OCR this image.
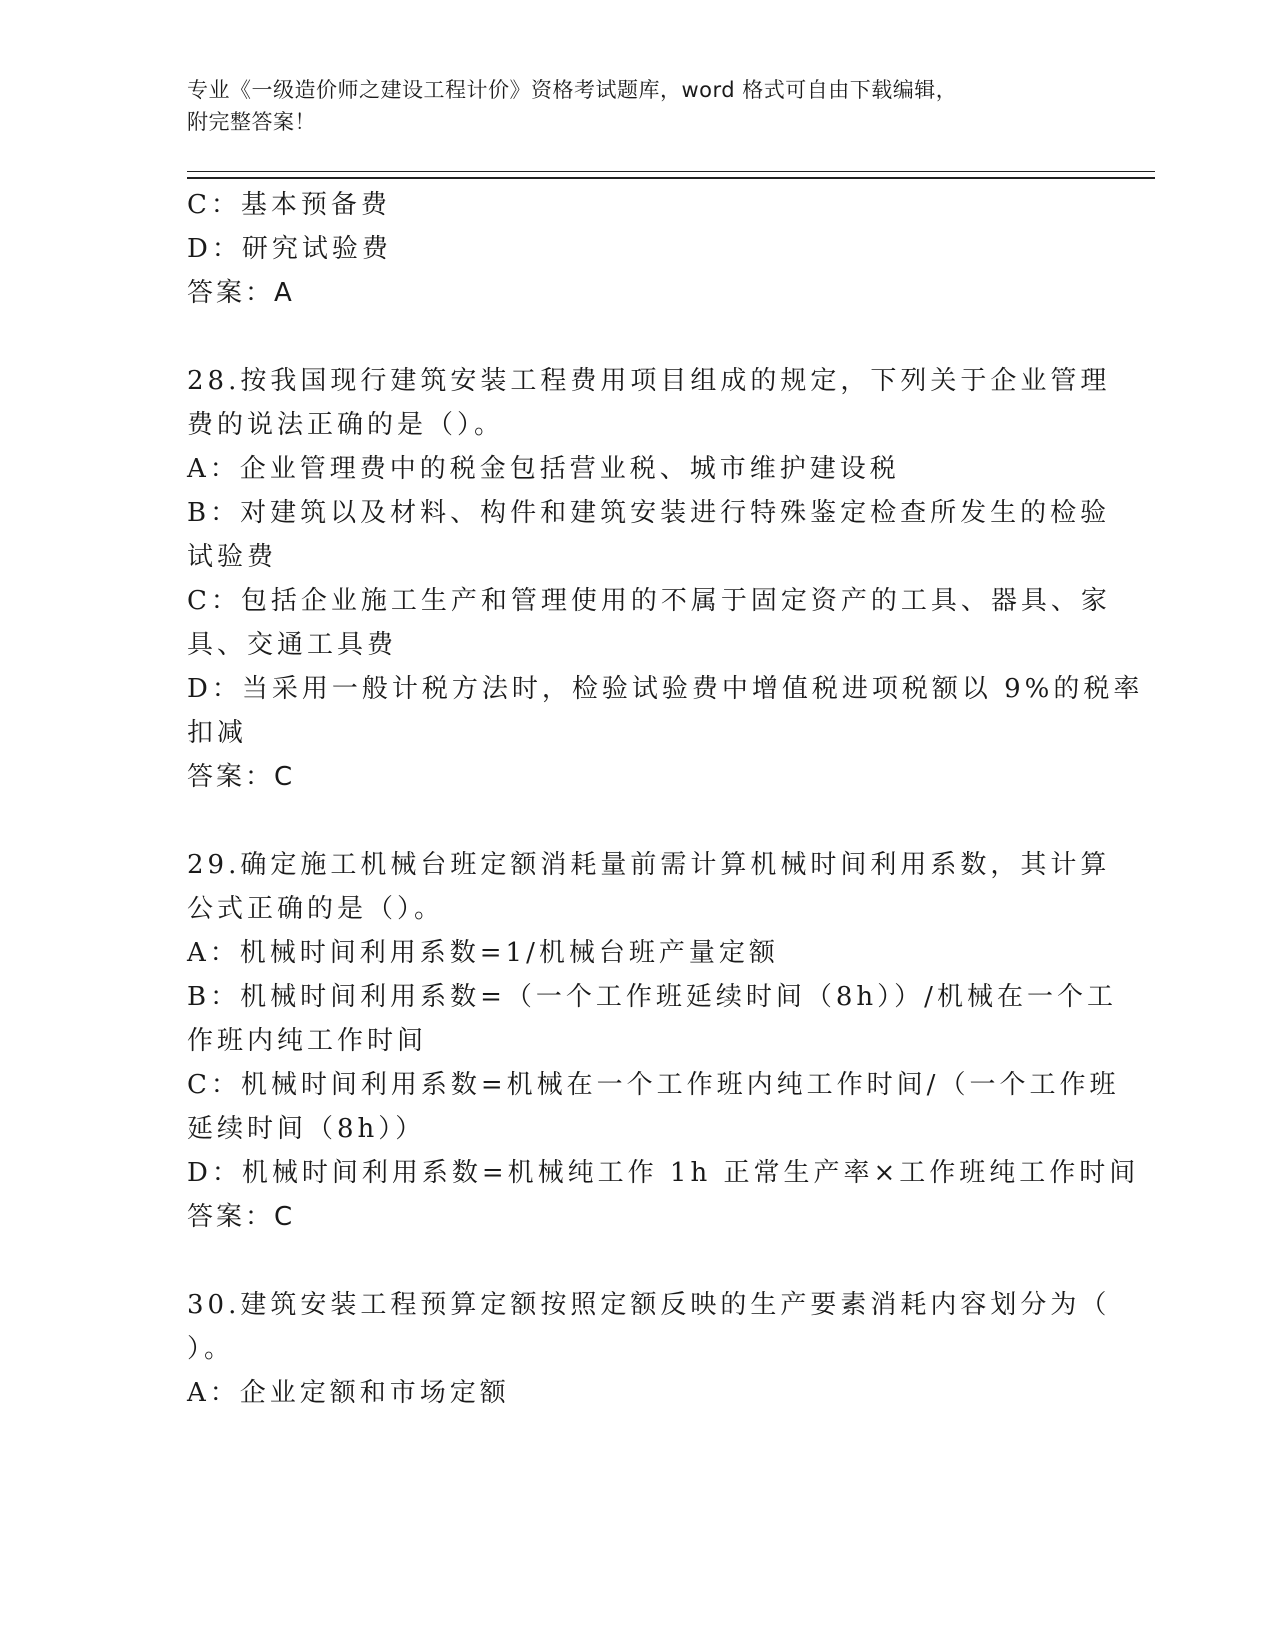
专业《一级造价师之建设工程计价》资格考试题库，word 格式可自由下载编辑，
附完整答案！
C：基本预备费
D：研究试验费
答案：A
28.按我国现行建筑安装工程费用项目组成的规定，下列关于企业管理
费的说法正确的是（）。
A：企业管理费中的税金包括营业税、城市维护建设税
B：对建筑以及材料、构件和建筑安装进行特殊鉴定检查所发生的检验
试验费
C：包括企业施工生产和管理使用的不属于固定资产的工具、器具、家
具、交通工具费
D：当采用一般计税方法时，检验试验费中增值税进项税额以 9%的税率
扣减
答案：C
29.确定施工机械台班定额消耗量前需计算机械时间利用系数，其计算
公式正确的是（）。
A：机械时间利用系数=1/机械台班产量定额
B：机械时间利用系数=（一个工作班延续时间（8h））/机械在一个工
作班内纯工作时间
C：机械时间利用系数=机械在一个工作班内纯工作时间/（一个工作班
延续时间（8h））
D：机械时间利用系数=机械纯工作 1h 正常生产率×工作班纯工作时间
答案：C
30.建筑安装工程预算定额按照定额反映的生产要素消耗内容划分为（
）。
A：企业定额和市场定额
